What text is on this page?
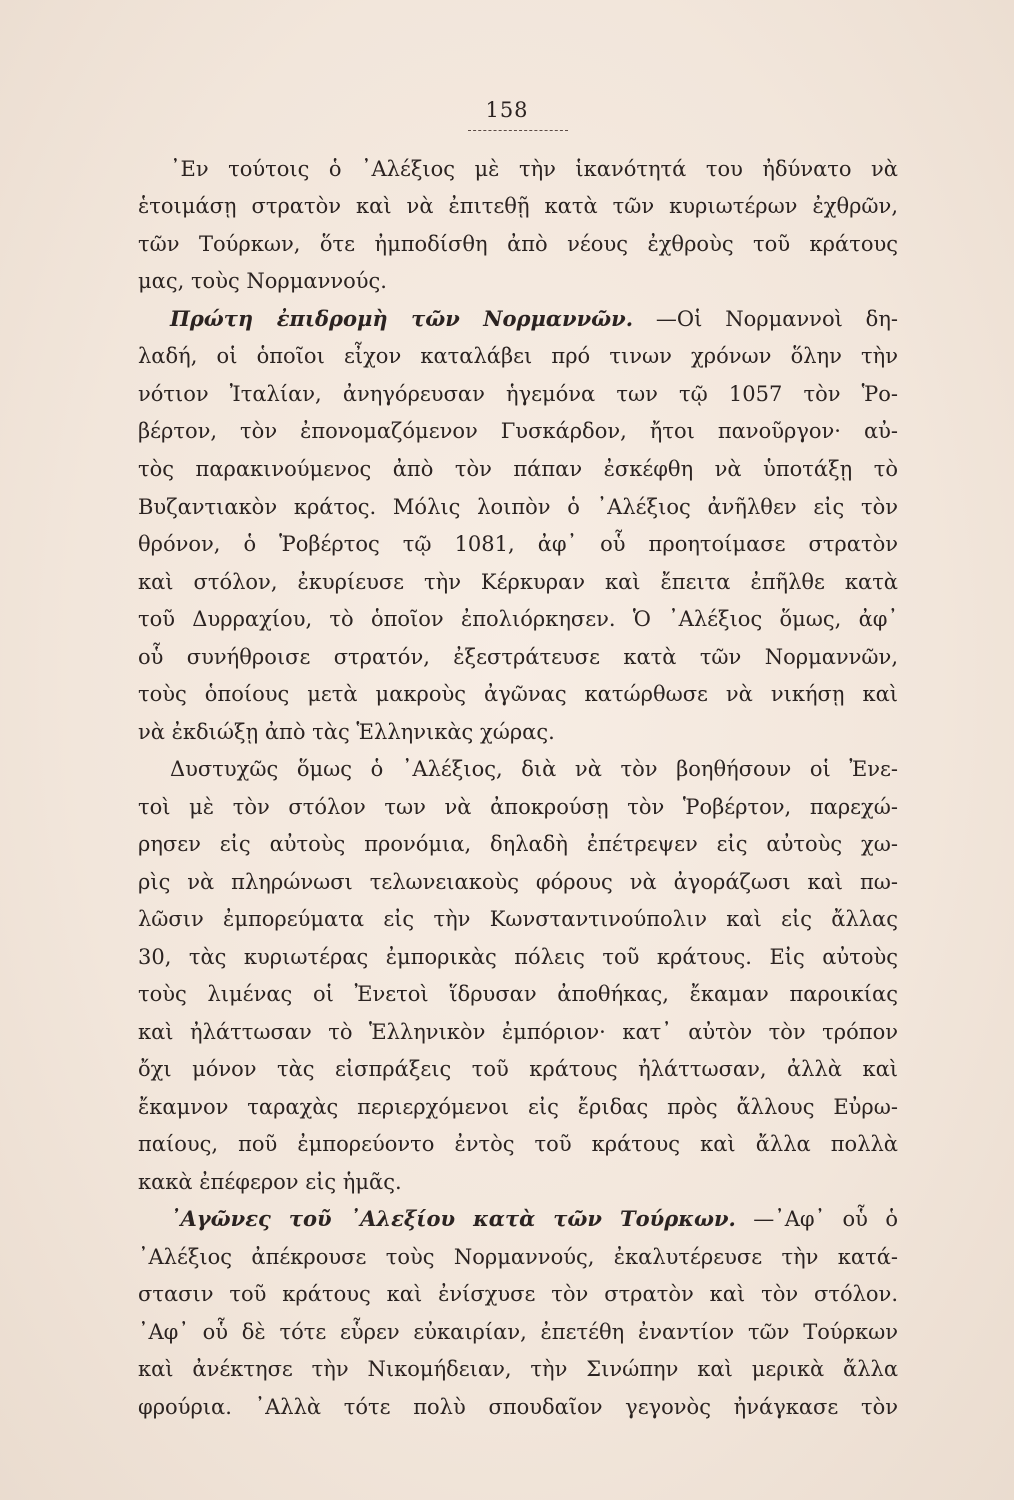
158
᾿Εν τούτοις ὁ ᾿Αλέξιος μὲ τὴν ἱκανότητά του ἠδύνατο νὰ
ἑτοιμάσῃ στρατὸν καὶ νὰ ἐπιτεθῇ κατὰ τῶν κυριωτέρων ἐχθρῶν,
τῶν Τούρκων, ὅτε ἠμποδίσθη ἀπὸ νέους ἐχθροὺς τοῦ κράτους
μας, τοὺς Νορμαννούς.
Πρώτη ἐπιδρομὴ τῶν Νορμαννῶν. —Οἱ Νορμαννοὶ δη-
λαδή, οἱ ὁποῖοι εἶχον καταλάβει πρό τινων χρόνων ὅλην τὴν
νότιον Ἰταλίαν, ἀνηγόρευσαν ἡγεμόνα των τῷ 1057 τὸν Ῥο-
βέρτον, τὸν ἐπονομαζόμενον Γυσκάρδον, ἤτοι πανοῦργον· αὐ-
τὸς παρακινούμενος ἀπὸ τὸν πάπαν ἐσκέφθη νὰ ὑποτάξῃ τὸ
Βυζαντιακὸν κράτος. Μόλις λοιπὸν ὁ ᾿Αλέξιος ἀνῆλθεν εἰς τὸν
θρόνον, ὁ Ῥοβέρτος τῷ 1081, ἀφ᾿ οὗ προητοίμασε στρατὸν
καὶ στόλον, ἐκυρίευσε τὴν Κέρκυραν καὶ ἔπειτα ἐπῆλθε κατὰ
τοῦ Δυρραχίου, τὸ ὁποῖον ἐπολιόρκησεν. Ὁ ᾿Αλέξιος ὅμως, ἀφ᾿
οὗ συνήθροισε στρατόν, ἐξεστράτευσε κατὰ τῶν Νορμαννῶν,
τοὺς ὁποίους μετὰ μακροὺς ἀγῶνας κατώρθωσε νὰ νικήσῃ καὶ
νὰ ἐκδιώξῃ ἀπὸ τὰς Ἑλληνικὰς χώρας.
Δυστυχῶς ὅμως ὁ ᾿Αλέξιος, διὰ νὰ τὸν βοηθήσουν οἱ Ἐνε-
τοὶ μὲ τὸν στόλον των νὰ ἀποκρούσῃ τὸν Ῥοβέρτον, παρεχώ-
ρησεν εἰς αὐτοὺς προνόμια, δηλαδὴ ἐπέτρεψεν εἰς αὐτοὺς χω-
ρὶς νὰ πληρώνωσι τελωνειακοὺς φόρους νὰ ἀγοράζωσι καὶ πω-
λῶσιν ἐμπορεύματα εἰς τὴν Κωνσταντινούπολιν καὶ εἰς ἄλλας
30, τὰς κυριωτέρας ἐμπορικὰς πόλεις τοῦ κράτους. Εἰς αὐτοὺς
τοὺς λιμένας οἱ Ἐνετοὶ ἵδρυσαν ἀποθήκας, ἔκαμαν παροικίας
καὶ ἠλάττωσαν τὸ Ἑλληνικὸν ἐμπόριον· κατ᾿ αὐτὸν τὸν τρόπον
ὄχι μόνον τὰς εἰσπράξεις τοῦ κράτους ἠλάττωσαν, ἀλλὰ καὶ
ἔκαμνον ταραχὰς περιερχόμενοι εἰς ἔριδας πρὸς ἄλλους Εὐρω-
παίους, ποῦ ἐμπορεύοντο ἐντὸς τοῦ κράτους καὶ ἄλλα πολλὰ
κακὰ ἐπέφερον εἰς ἡμᾶς.
᾿Αγῶνες τοῦ ᾿Αλεξίου κατὰ τῶν Τούρκων. —᾿Αφ᾿ οὗ ὁ
᾿Αλέξιος ἀπέκρουσε τοὺς Νορμαννούς, ἐκαλυτέρευσε τὴν κατά-
στασιν τοῦ κράτους καὶ ἐνίσχυσε τὸν στρατὸν καὶ τὸν στόλον.
᾿Αφ᾿ οὗ δὲ τότε εὗρεν εὐκαιρίαν, ἐπετέθη ἐναντίον τῶν Τούρκων
καὶ ἀνέκτησε τὴν Νικομήδειαν, τὴν Σινώπην καὶ μερικὰ ἄλλα
φρούρια. ᾿Αλλὰ τότε πολὺ σπουδαῖον γεγονὸς ἠνάγκασε τὸν
